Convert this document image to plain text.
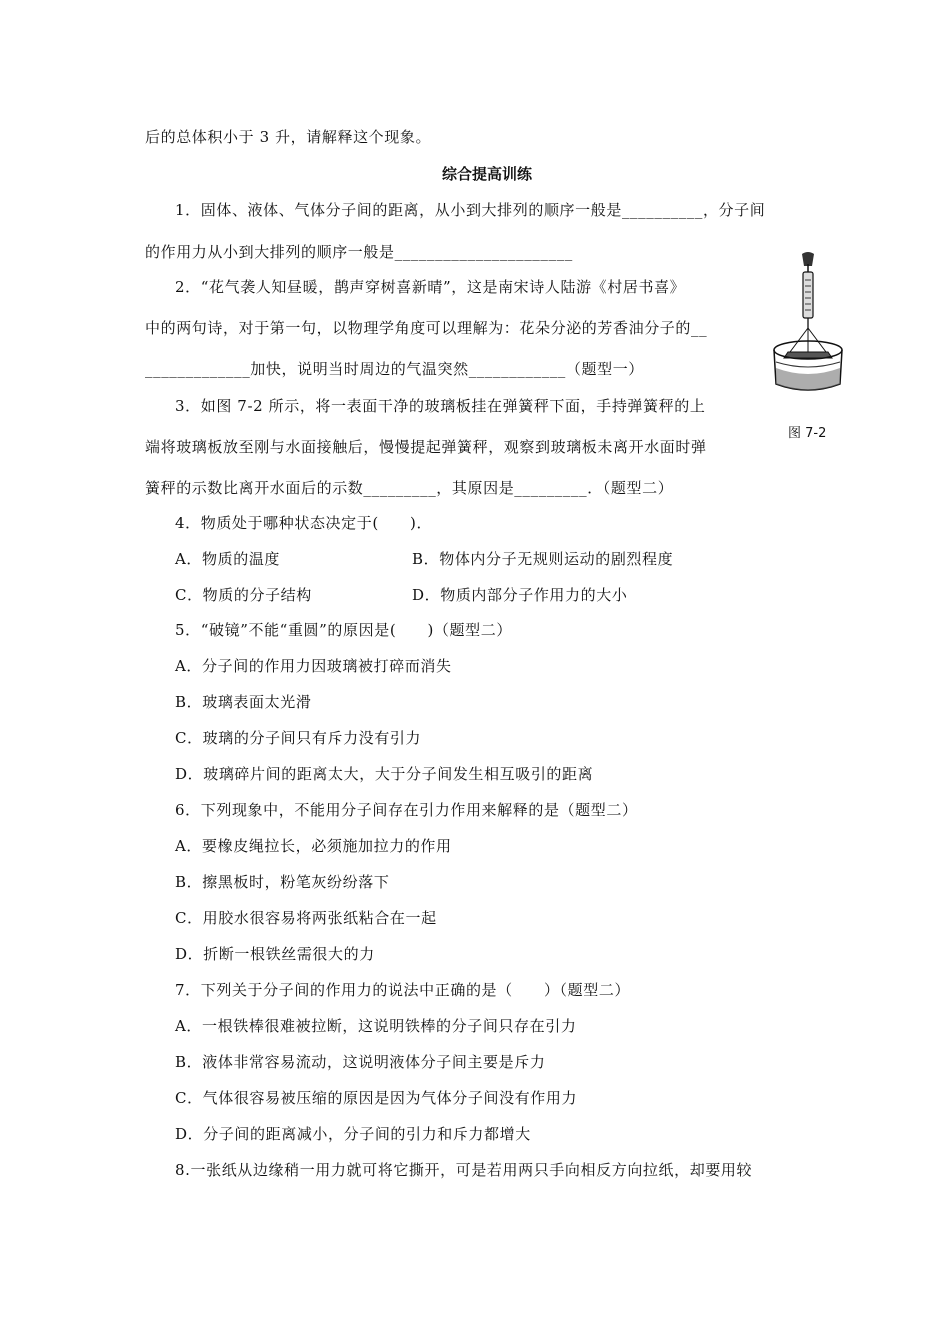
后的总体积小于 3 升，请解释这个现象。
综合提高训练
1．固体、液体、气体分子间的距离，从小到大排列的顺序一般是__________，分子间
的作用力从小到大排列的顺序一般是______________________
2．“花气袭人知昼暖，鹊声穿树喜新晴”，这是南宋诗人陆游《村居书喜》
中的两句诗，对于第一句，以物理学角度可以理解为：花朵分泌的芳香油分子的__
_____________加快，说明当时周边的气温突然____________（题型一）
3．如图 7-2 所示，将一表面干净的玻璃板挂在弹簧秤下面，手持弹簧秤的上
端将玻璃板放至刚与水面接触后，慢慢提起弹簧秤，观察到玻璃板未离开水面时弹
簧秤的示数比离开水面后的示数_________，其原因是_________．（题型二）
图 7-2
4．物质处于哪种状态决定于(　　)．
A．物质的温度	B．物体内分子无规则运动的剧烈程度
C．物质的分子结构	D．物质内部分子作用力的大小
5．“破镜”不能“重圆”的原因是(　　)（题型二）
A．分子间的作用力因玻璃被打碎而消失
B．玻璃表面太光滑
C．玻璃的分子间只有斥力没有引力
D．玻璃碎片间的距离太大，大于分子间发生相互吸引的距离
6．下列现象中，不能用分子间存在引力作用来解释的是（题型二）
A．要橡皮绳拉长，必须施加拉力的作用
B．擦黑板时，粉笔灰纷纷落下
C．用胶水很容易将两张纸粘合在一起
D．折断一根铁丝需很大的力
7．下列关于分子间的作用力的说法中正确的是（　　）（题型二）
A．一根铁棒很难被拉断，这说明铁棒的分子间只存在引力
B．液体非常容易流动，这说明液体分子间主要是斥力
C．气体很容易被压缩的原因是因为气体分子间没有作用力
D．分子间的距离减小，分子间的引力和斥力都增大
8.一张纸从边缘稍一用力就可将它撕开，可是若用两只手向相反方向拉纸，却要用较
